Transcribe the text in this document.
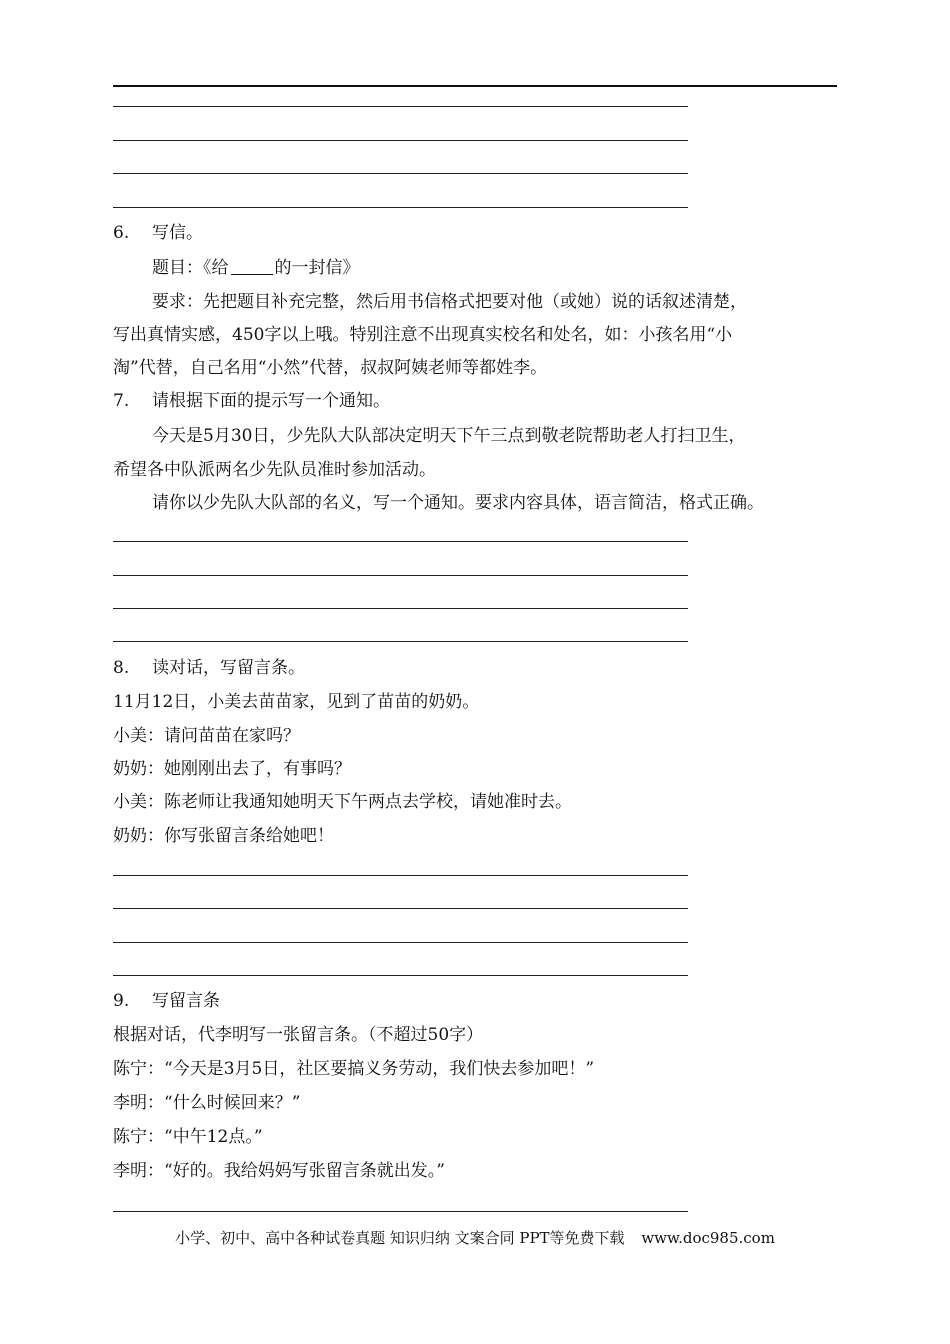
6. 写信。
题目：《给	的一封信》
要求：先把题目补充完整，然后用书信格式把要对他（或她）说的话叙述清楚，
写出真情实感，450字以上哦。特别注意不出现真实校名和处名，如：小孩名用“小
淘”代替，自己名用“小然”代替，叔叔阿姨老师等都姓李。
7. 请根据下面的提示写一个通知。
今天是5月30日，少先队大队部决定明天下午三点到敬老院帮助老人打扫卫生，
希望各中队派两名少先队员准时参加活动。
请你以少先队大队部的名义，写一个通知。要求内容具体，语言简洁，格式正确。
8. 读对话，写留言条。
11月12日，小美去苗苗家，见到了苗苗的奶奶。
小美：请问苗苗在家吗？
奶奶：她刚刚出去了，有事吗？
小美：陈老师让我通知她明天下午两点去学校，请她准时去。
奶奶：你写张留言条给她吧！
9. 写留言条
根据对话，代李明写一张留言条。（不超过50字）
陈宁：“今天是3月5日，社区要搞义务劳动，我们快去参加吧！”
李明：“什么时候回来？”
陈宁：“中午12点。”
李明：“好的。我给妈妈写张留言条就出发。”
小学、初中、高中各种试卷真题 知识归纳 文案合同 PPT等免费下载 www.doc985.com
